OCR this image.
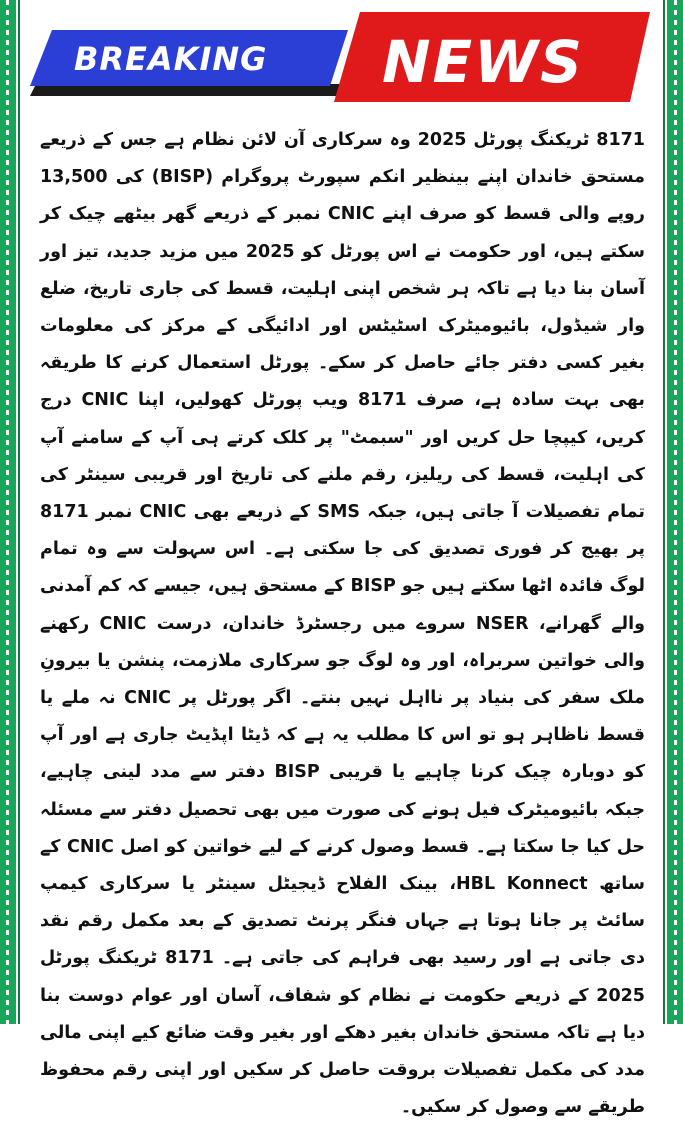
BREAKING NEWS

8171 ٹریکنگ پورٹل 2025 وہ سرکاری آن لائن نظام ہے جس کے ذریعے مستحق خاندان اپنے بینظیر انکم سپورٹ پروگرام (BISP) کی 13,500 روپے والی قسط کو صرف اپنے CNIC نمبر کے ذریعے گھر بیٹھے چیک کر سکتے ہیں، اور حکومت نے اس پورٹل کو 2025 میں مزید جدید، تیز اور آسان بنا دیا ہے تاکہ ہر شخص اپنی اہلیت، قسط کی جاری تاریخ، ضلع وار شیڈول، بائیومیٹرک اسٹیٹس اور ادائیگی کے مرکز کی معلومات بغیر کسی دفتر جائے حاصل کر سکے۔ پورٹل استعمال کرنے کا طریقہ بھی بہت سادہ ہے، صرف 8171 ویب پورٹل کھولیں، اپنا CNIC درج کریں، کیپچا حل کریں اور "سبمٹ" پر کلک کرتے ہی آپ کے سامنے آپ کی اہلیت، قسط کی ریلیز، رقم ملنے کی تاریخ اور قریبی سینٹر کی تمام تفصیلات آ جاتی ہیں، جبکہ SMS کے ذریعے بھی CNIC نمبر 8171 پر بھیج کر فوری تصدیق کی جا سکتی ہے۔ اس سہولت سے وہ تمام لوگ فائدہ اٹھا سکتے ہیں جو BISP کے مستحق ہیں، جیسے کہ کم آمدنی والے گھرانے، NSER سروے میں رجسٹرڈ خاندان، درست CNIC رکھنے والی خواتین سربراہ، اور وہ لوگ جو سرکاری ملازمت، پنشن یا بیرونِ ملک سفر کی بنیاد پر نااہل نہیں بنتے۔ اگر پورٹل پر CNIC نہ ملے یا قسط ناظاہر ہو تو اس کا مطلب یہ ہے کہ ڈیٹا اپڈیٹ جاری ہے اور آپ کو دوبارہ چیک کرنا چاہیے یا قریبی BISP دفتر سے مدد لینی چاہیے، جبکہ بائیومیٹرک فیل ہونے کی صورت میں بھی تحصیل دفتر سے مسئلہ حل کیا جا سکتا ہے۔ قسط وصول کرنے کے لیے خواتین کو اصل CNIC کے ساتھ HBL Konnect، بینک الفلاح ڈیجیٹل سینٹر یا سرکاری کیمپ سائٹ پر جانا ہوتا ہے جہاں فنگر پرنٹ تصدیق کے بعد مکمل رقم نقد دی جاتی ہے اور رسید بھی فراہم کی جاتی ہے۔ 8171 ٹریکنگ پورٹل 2025 کے ذریعے حکومت نے نظام کو شفاف، آسان اور عوام دوست بنا دیا ہے تاکہ مستحق خاندان بغیر دھکے اور بغیر وقت ضائع کیے اپنی مالی مدد کی مکمل تفصیلات بروقت حاصل کر سکیں اور اپنی رقم محفوظ طریقے سے وصول کر سکیں۔
